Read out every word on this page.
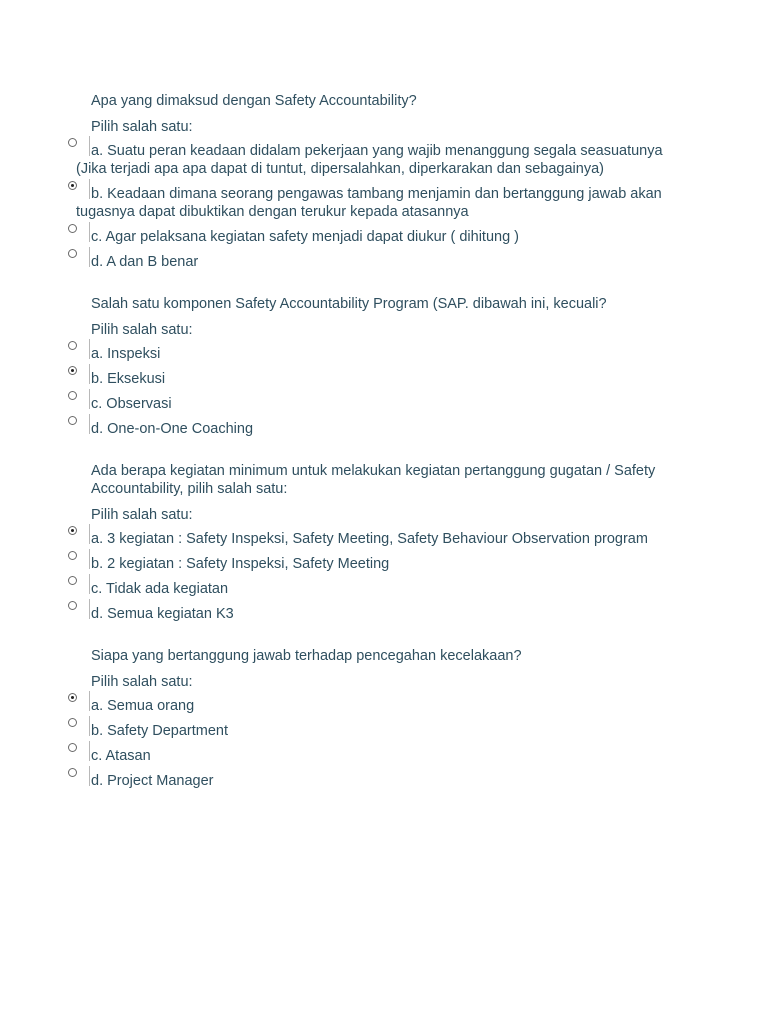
Apa yang dimaksud dengan Safety Accountability?
Pilih salah satu:
a. Suatu peran keadaan didalam pekerjaan yang wajib menanggung segala seasuatunya
(Jika terjadi apa apa dapat di tuntut, dipersalahkan, diperkarakan dan sebagainya)
b. Keadaan dimana seorang pengawas tambang menjamin dan bertanggung jawab akan
tugasnya dapat dibuktikan dengan terukur kepada atasannya
c. Agar pelaksana kegiatan safety menjadi dapat diukur ( dihitung )
d. A dan B benar
Salah satu komponen Safety Accountability Program (SAP. dibawah ini, kecuali?
Pilih salah satu:
a. Inspeksi
b. Eksekusi
c. Observasi
d. One-on-One Coaching
Ada berapa kegiatan minimum untuk melakukan kegiatan pertanggung gugatan / Safety Accountability, pilih salah satu:
Pilih salah satu:
a. 3 kegiatan : Safety Inspeksi, Safety Meeting, Safety Behaviour Observation program
b. 2 kegiatan : Safety Inspeksi, Safety Meeting
c. Tidak ada kegiatan
d. Semua kegiatan K3
Siapa yang bertanggung jawab terhadap pencegahan kecelakaan?
Pilih salah satu:
a. Semua orang
b. Safety Department
c. Atasan
d. Project Manager
